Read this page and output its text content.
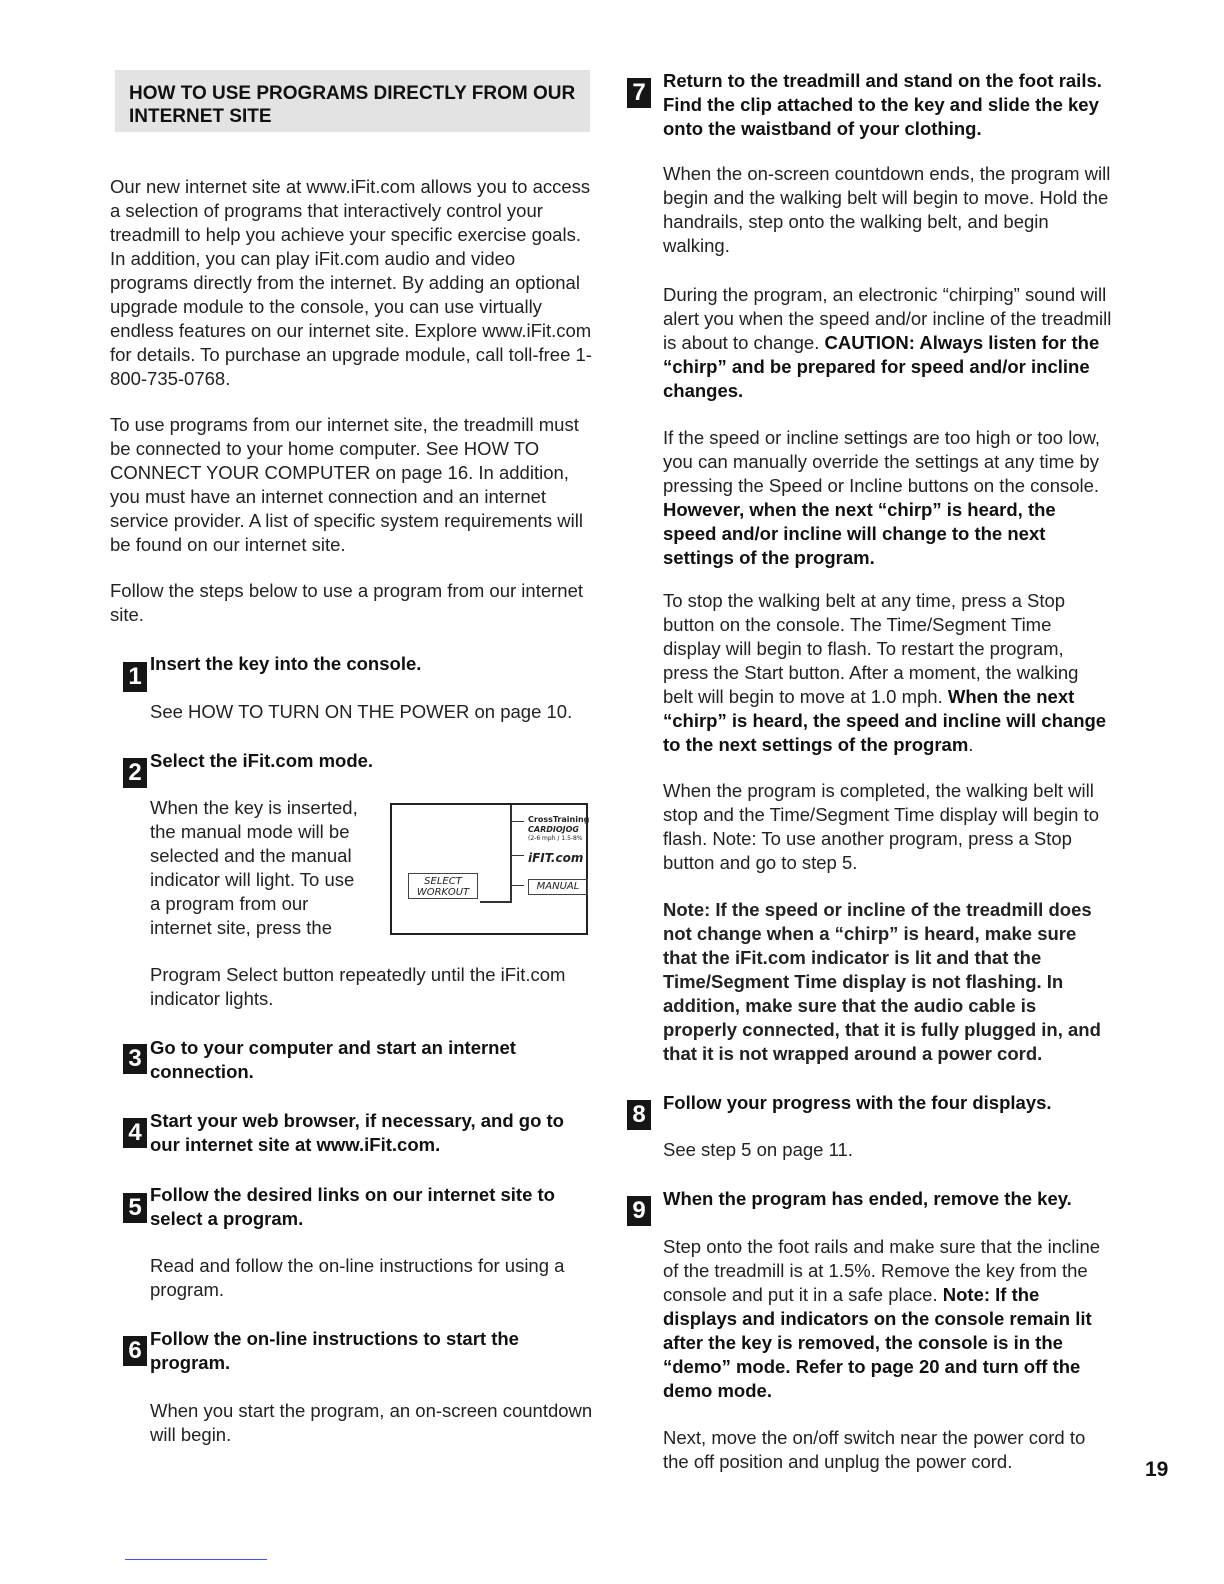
HOW TO USE PROGRAMS DIRECTLY FROM OUR INTERNET SITE

Our new internet site at www.iFit.com allows you to access a selection of programs that interactively control your treadmill to help you achieve your specific exercise goals. In addition, you can play iFit.com audio and video programs directly from the internet. By adding an optional upgrade module to the console, you can use virtually endless features on our internet site. Explore www.iFit.com for details. To purchase an upgrade module, call toll-free 1-800-735-0768.

To use programs from our internet site, the treadmill must be connected to your home computer. See HOW TO CONNECT YOUR COMPUTER on page 16. In addition, you must have an internet connection and an internet service provider. A list of specific system requirements will be found on our internet site.

Follow the steps below to use a program from our internet site.

1 Insert the key into the console.

See HOW TO TURN ON THE POWER on page 10.

2 Select the iFit.com mode.

When the key is inserted, the manual mode will be selected and the manual indicator will light. To use a program from our internet site, press the

Program Select button repeatedly until the iFit.com indicator lights.

SELECT WORKOUT
CrossTraining
CARDIOJOG
(2-6 mph / 1.5-8%
iFIT.com
MANUAL
3 Go to your computer and start an internet connection.

4 Start your web browser, if necessary, and go to our internet site at www.iFit.com.

5 Follow the desired links on our internet site to select a program.

Read and follow the on-line instructions for using a program.

6 Follow the on-line instructions to start the program.

When you start the program, an on-screen countdown will begin.

7 Return to the treadmill and stand on the foot rails. Find the clip attached to the key and slide the key onto the waistband of your clothing.

When the on-screen countdown ends, the program will begin and the walking belt will begin to move. Hold the handrails, step onto the walking belt, and begin walking.

During the program, an electronic “chirping” sound will alert you when the speed and/or incline of the treadmill is about to change. CAUTION: Always listen for the “chirp” and be prepared for speed and/or incline changes.

If the speed or incline settings are too high or too low, you can manually override the settings at any time by pressing the Speed or Incline buttons on the console. However, when the next “chirp” is heard, the speed and/or incline will change to the next settings of the program.

To stop the walking belt at any time, press a Stop button on the console. The Time/Segment Time display will begin to flash. To restart the program, press the Start button. After a moment, the walking belt will begin to move at 1.0 mph. When the next “chirp” is heard, the speed and incline will change to the next settings of the program.

When the program is completed, the walking belt will stop and the Time/Segment Time display will begin to flash. Note: To use another program, press a Stop button and go to step 5.

Note: If the speed or incline of the treadmill does not change when a “chirp” is heard, make sure that the iFit.com indicator is lit and that the Time/Segment Time display is not flashing. In addition, make sure that the audio cable is properly connected, that it is fully plugged in, and that it is not wrapped around a power cord.

8 Follow your progress with the four displays.

See step 5 on page 11.

9 When the program has ended, remove the key.

Step onto the foot rails and make sure that the incline of the treadmill is at 1.5%. Remove the key from the console and put it in a safe place. Note: If the displays and indicators on the console remain lit after the key is removed, the console is in the “demo” mode. Refer to page 20 and turn off the demo mode.

Next, move the on/off switch near the power cord to the off position and unplug the power cord.	19
